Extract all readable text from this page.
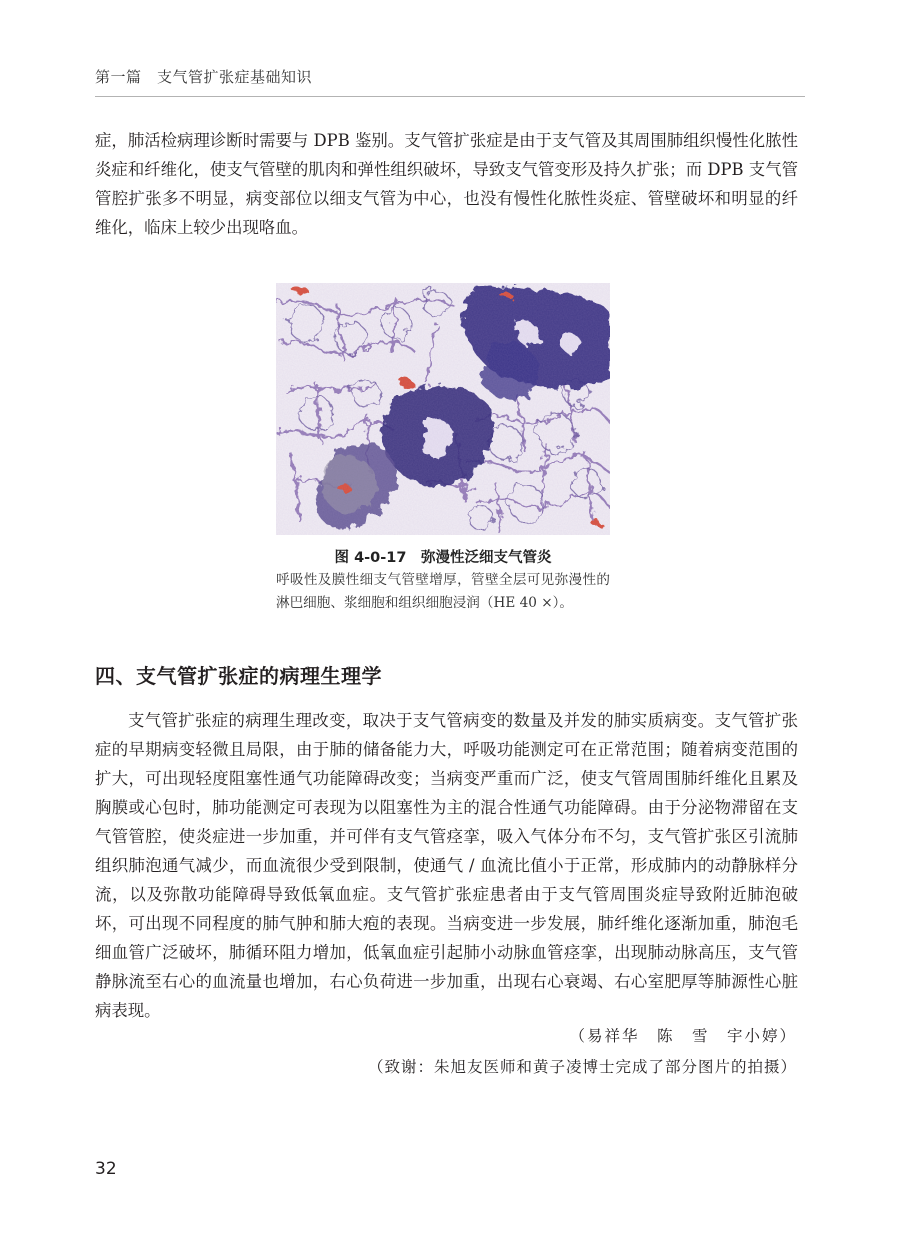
第一篇　支气管扩张症基础知识

症，肺活检病理诊断时需要与 DPB 鉴别。支气管扩张症是由于支气管及其周围肺组织慢性化脓性炎症和纤维化，使支气管壁的肌肉和弹性组织破坏，导致支气管变形及持久扩张；而 DPB 支气管管腔扩张多不明显，病变部位以细支气管为中心，也没有慢性化脓性炎症、管壁破坏和明显的纤维化，临床上较少出现咯血。

图 4-0-17　弥漫性泛细支气管炎

呼吸性及膜性细支气管壁增厚，管壁全层可见弥漫性的淋巴细胞、浆细胞和组织细胞浸润（HE 40 ×）。

四、支气管扩张症的病理生理学

支气管扩张症的病理生理改变，取决于支气管病变的数量及并发的肺实质病变。支气管扩张症的早期病变轻微且局限，由于肺的储备能力大，呼吸功能测定可在正常范围；随着病变范围的扩大，可出现轻度阻塞性通气功能障碍改变；当病变严重而广泛，使支气管周围肺纤维化且累及胸膜或心包时，肺功能测定可表现为以阻塞性为主的混合性通气功能障碍。由于分泌物滞留在支气管管腔，使炎症进一步加重，并可伴有支气管痉挛，吸入气体分布不匀，支气管扩张区引流肺组织肺泡通气减少，而血流很少受到限制，使通气 / 血流比值小于正常，形成肺内的动静脉样分流，以及弥散功能障碍导致低氧血症。支气管扩张症患者由于支气管周围炎症导致附近肺泡破坏，可出现不同程度的肺气肿和肺大疱的表现。当病变进一步发展，肺纤维化逐渐加重，肺泡毛细血管广泛破坏，肺循环阻力增加，低氧血症引起肺小动脉血管痉挛，出现肺动脉高压，支气管静脉流至右心的血流量也增加，右心负荷进一步加重，出现右心衰竭、右心室肥厚等肺源性心脏病表现。

（易祥华　陈　雪　宇小婷）
（致谢：朱旭友医师和黄子凌博士完成了部分图片的拍摄）
32
